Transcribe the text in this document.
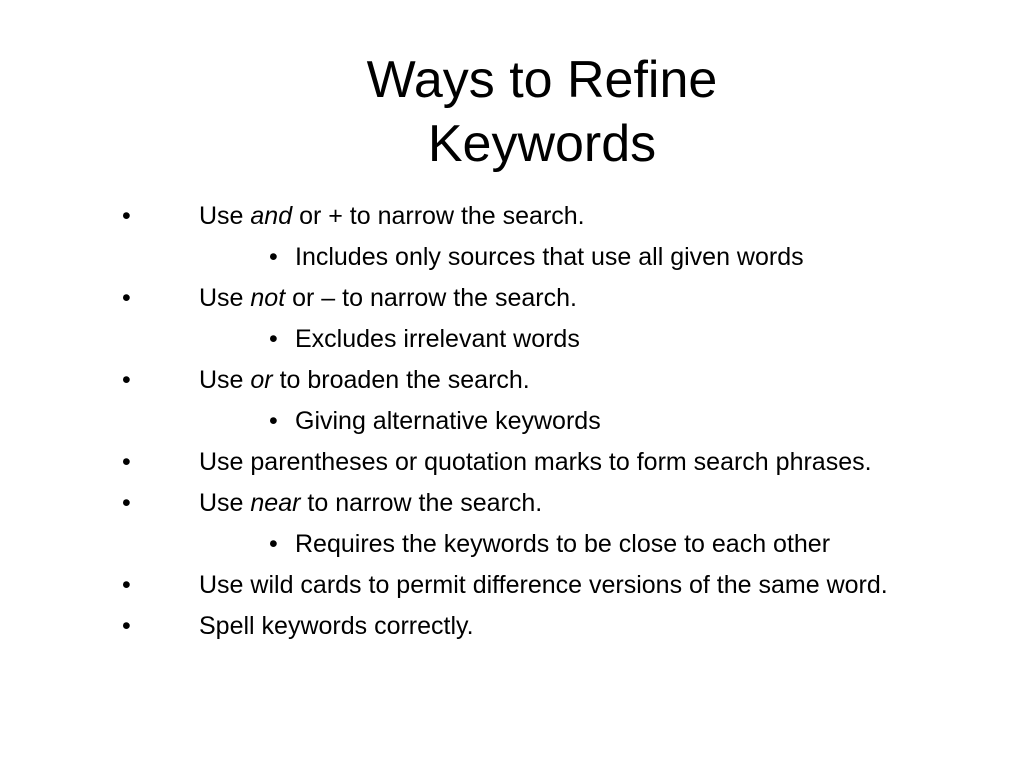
Ways to Refine
Keywords
•	Use and or + to narrow the search.
• Includes only sources that use all given words
•	Use not or – to narrow the search.
• Excludes irrelevant words
•	Use or to broaden the search.
• Giving alternative keywords
•	Use parentheses or quotation marks to form search phrases.
•	Use near to narrow the search.
• Requires the keywords to be close to each other
•	Use wild cards to permit difference versions of the same word.
•	Spell keywords correctly.
